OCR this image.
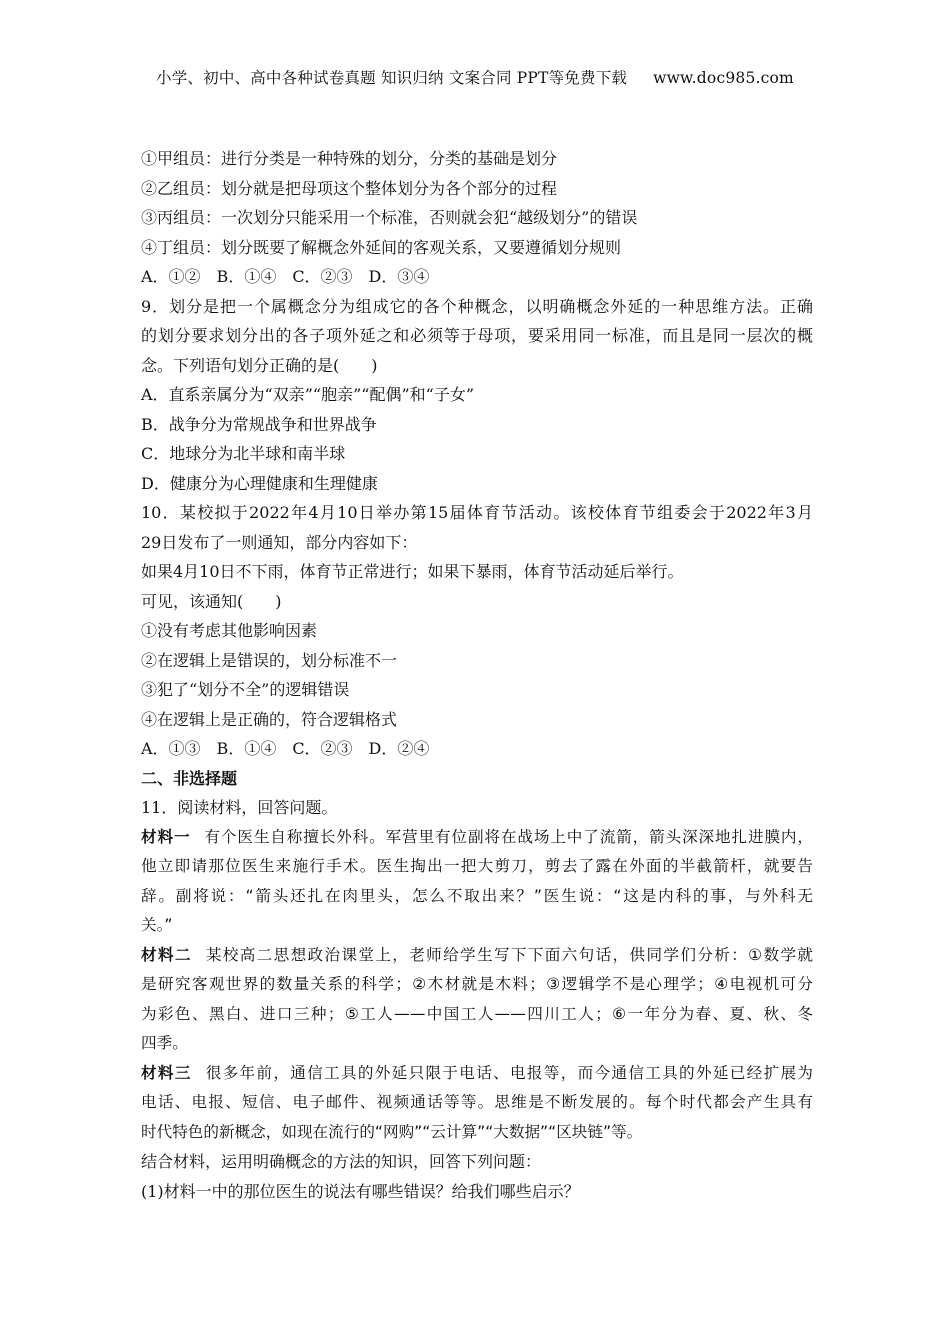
小学、初中、高中各种试卷真题 知识归纳 文案合同 PPT等免费下载 www.doc985.com
①甲组员：进行分类是一种特殊的划分，分类的基础是划分
②乙组员：划分就是把母项这个整体划分为各个部分的过程
③丙组员：一次划分只能采用一个标准，否则就会犯“越级划分”的错误
④丁组员：划分既要了解概念外延间的客观关系，又要遵循划分规则
A．①②　B．①④　C．②③　D．③④
9．划分是把一个属概念分为组成它的各个种概念，以明确概念外延的一种思维方法。正确
的划分要求划分出的各子项外延之和必须等于母项，要采用同一标准，而且是同一层次的概
念。下列语句划分正确的是(　　)
A．直系亲属分为“双亲”“胞亲”“配偶”和“子女”
B．战争分为常规战争和世界战争
C．地球分为北半球和南半球
D．健康分为心理健康和生理健康
10．某校拟于2022年4月10日举办第15届体育节活动。该校体育节组委会于2022年3月
29日发布了一则通知，部分内容如下：
如果4月10日不下雨，体育节正常进行；如果下暴雨，体育节活动延后举行。
可见，该通知(　　)
①没有考虑其他影响因素
②在逻辑上是错误的，划分标准不一
③犯了“划分不全”的逻辑错误
④在逻辑上是正确的，符合逻辑格式
A．①③　B．①④　C．②③　D．②④
二、非选择题
11．阅读材料，回答问题。
材料一 有个医生自称擅长外科。军营里有位副将在战场上中了流箭，箭头深深地扎进膜内，
他立即请那位医生来施行手术。医生掏出一把大剪刀，剪去了露在外面的半截箭杆，就要告
辞。副将说：“箭头还扎在肉里头，怎么不取出来？”医生说：“这是内科的事，与外科无
关。”
材料二 某校高二思想政治课堂上，老师给学生写下下面六句话，供同学们分析：①数学就
是研究客观世界的数量关系的科学；②木材就是木料；③逻辑学不是心理学；④电视机可分
为彩色、黑白、进口三种；⑤工人——中国工人——四川工人；⑥一年分为春、夏、秋、冬
四季。
材料三 很多年前，通信工具的外延只限于电话、电报等，而今通信工具的外延已经扩展为
电话、电报、短信、电子邮件、视频通话等等。思维是不断发展的。每个时代都会产生具有
时代特色的新概念，如现在流行的“网购”“云计算”“大数据”“区块链”等。
结合材料，运用明确概念的方法的知识，回答下列问题：
(1)材料一中的那位医生的说法有哪些错误？给我们哪些启示？
